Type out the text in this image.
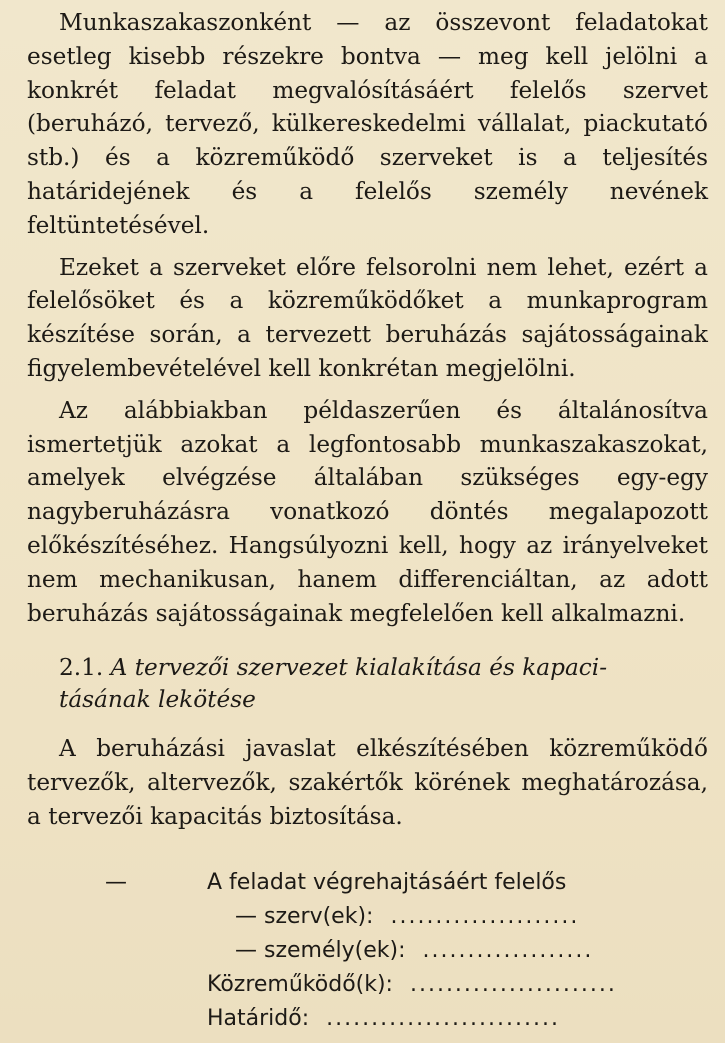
Munkaszakaszonként — az összevont feladatokat esetleg kisebb részekre bontva — meg kell jelölni a konkrét feladat megvalósításáért felelős szervet (beruházó, tervező, külkereskedelmi vállalat, piackutató stb.) és a közreműködő szerveket is a teljesítés határidejének és a felelős személy nevének feltüntetésével.

Ezeket a szerveket előre felsorolni nem lehet, ezért a felelősöket és a közreműködőket a munkaprogram készítése során, a tervezett beruházás sajátosságainak figyelembevételével kell konkrétan megjelölni.

Az alábbiakban példaszerűen és általánosítva ismertetjük azokat a legfontosabb munkaszakaszokat, amelyek elvégzése általában szükséges egy-egy nagyberuházásra vonatkozó döntés megalapozott előkészítéséhez. Hangsúlyozni kell, hogy az irányelveket nem mechanikusan, hanem differenciáltan, az adott beruházás sajátosságainak megfelelően kell alkalmazni.

2.1. A tervezői szervezet kialakítása és kapaci-
tásának lekötése

A beruházási javaslat elkészítésében közreműködő tervezők, altervezők, szakértők körének meghatározása, a tervezői kapacitás biztosítása.

—	A feladat végrehajtásáért felelős
— szerv(ek): .....................
— személy(ek): ...................
Közreműködő(k): .......................
Határidő: ..........................
